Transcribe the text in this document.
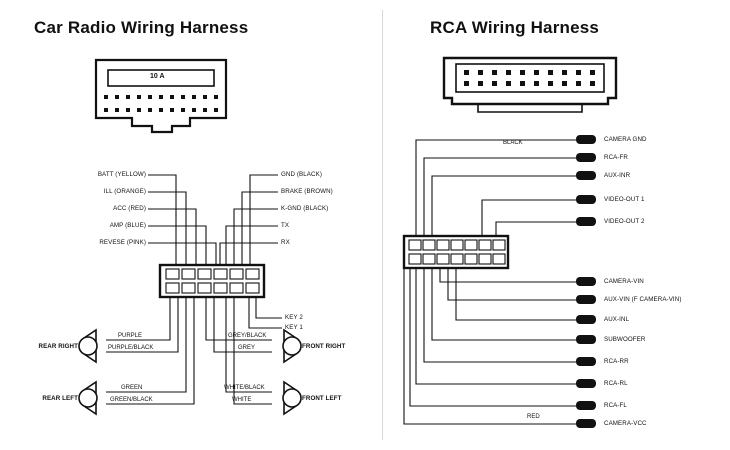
Car Radio Wiring Harness	RCA Wiring Harness
10 A
BATT (YELLOW)
ILL (ORANGE)
ACC (RED)
AMP (BLUE)
REVESE (PINK)
GND (BLACK)
BRAKE (BROWN)
K-GND (BLACK)
TX
RX
KEY 2
KEY 1
REAR RIGHT
REAR LEFT
FRONT RIGHT
FRONT LEFT
PURPLE
PURPLE/BLACK
GREEN
GREEN/BLACK
GREY/BLACK
GREY
WHITE/BLACK
WHITE
BLACK
RED
CAMERA GND
RCA-FR
AUX-INR
VIDEO-OUT 1
VIDEO-OUT 2
CAMERA-VIN
AUX-VIN (F CAMERA-VIN)
AUX-INL
SUBWOOFER
RCA-RR
RCA-RL
RCA-FL
CAMERA-VCC
